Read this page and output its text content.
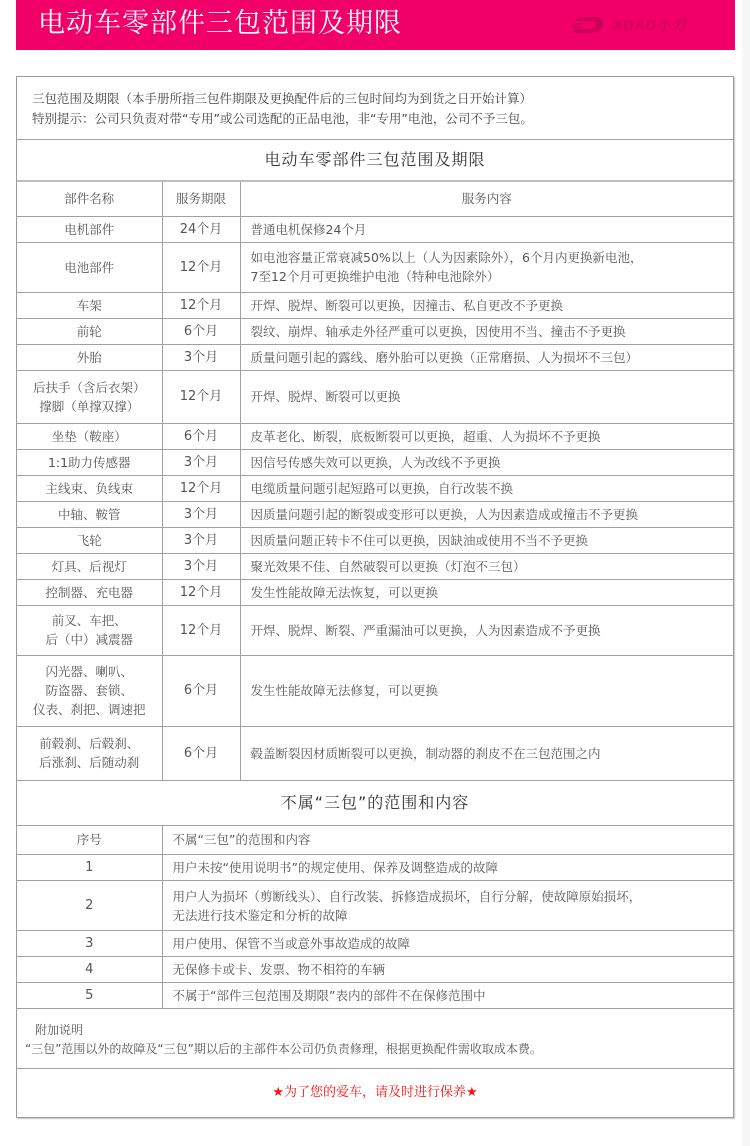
电动车零部件三包范围及期限	XDAD小刀
三包范围及期限（本手册所指三包件期限及更换配件后的三包时间均为到货之日开始计算）
特别提示：公司只负责对带“专用”或公司选配的正品电池，非“专用”电池，公司不予三包。
电动车零部件三包范围及期限
部件名称	服务期限	服务内容
电机部件	24个月	普通电机保修24个月
电池部件	12个月	如电池容量正常衰减50%以上（人为因素除外），6个月内更换新电池，
7至12个月可更换维护电池（特种电池除外）
车架	12个月	开焊、脱焊、断裂可以更换，因撞击、私自更改不予更换
前轮	6个月	裂纹、崩焊、轴承走外径严重可以更换，因使用不当、撞击不予更换
外胎	3个月	质量问题引起的露线、磨外胎可以更换（正常磨损、人为损坏不三包）
后扶手（含后衣架）
撑脚（单撑双撑）	12个月	开焊、脱焊、断裂可以更换
坐垫（鞍座）	6个月	皮革老化、断裂，底板断裂可以更换，超重、人为损坏不予更换
1:1助力传感器	3个月	因信号传感失效可以更换，人为改线不予更换
主线束、负线束	12个月	电缆质量问题引起短路可以更换，自行改装不换
中轴、鞍管	3个月	因质量问题引起的断裂或变形可以更换，人为因素造成或撞击不予更换
飞轮	3个月	因质量问题正转卡不住可以更换，因缺油或使用不当不予更换
灯具、后视灯	3个月	聚光效果不佳、自然破裂可以更换（灯泡不三包）
控制器、充电器	12个月	发生性能故障无法恢复，可以更换
前叉、车把、
后（中）减震器	12个月	开焊、脱焊、断裂、严重漏油可以更换，人为因素造成不予更换
闪光器、喇叭、
防盗器、套锁、
仪表、刹把、调速把	6个月	发生性能故障无法修复，可以更换
前毂刹、后毂刹、
后涨刹、后随动刹	6个月	毂盖断裂因材质断裂可以更换，制动器的刹皮不在三包范围之内
不属“三包”的范围和内容
序号	不属“三包”的范围和内容
1	用户未按“使用说明书”的规定使用、保养及调整造成的故障
2	用户人为损坏（剪断线头）、自行改装、拆修造成损坏，自行分解，使故障原始损坏，
无法进行技术鉴定和分析的故障
3	用户使用、保管不当或意外事故造成的故障
4	无保修卡或卡、发票、物不相符的车辆
5	不属于“部件三包范围及期限”表内的部件不在保修范围中
附加说明
“三包”范围以外的故障及“三包”期以后的主部件本公司仍负责修理，根据更换配件需收取成本费。
★为了您的爱车，请及时进行保养★
